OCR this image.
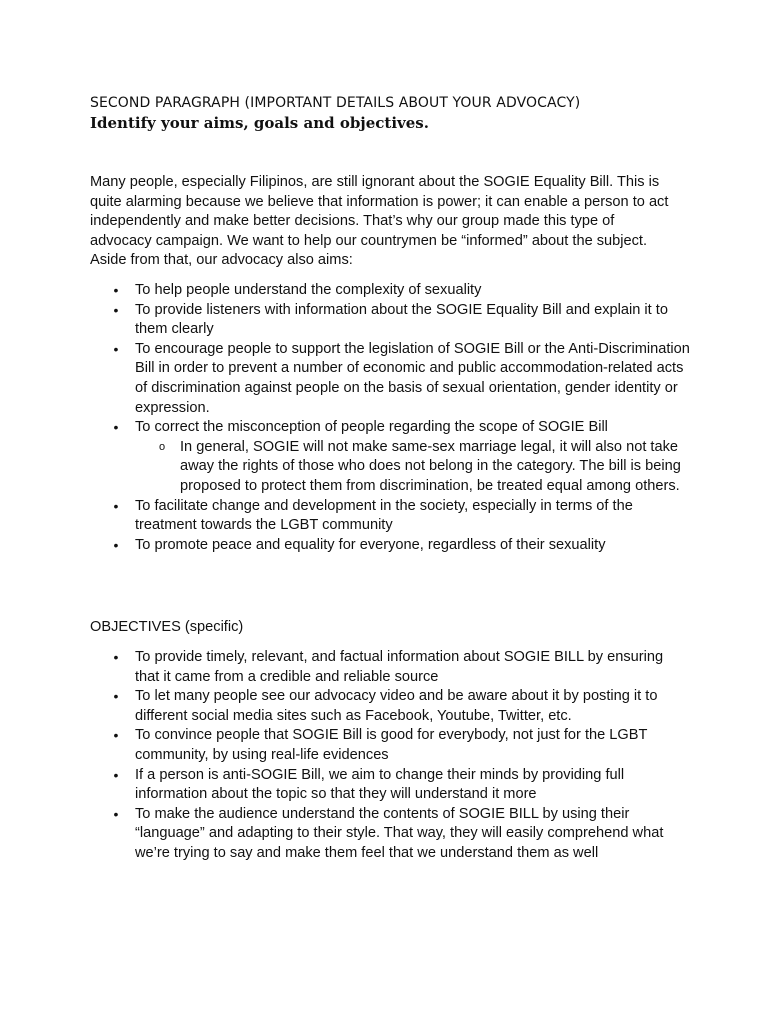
SECOND PARAGRAPH (IMPORTANT DETAILS ABOUT YOUR ADVOCACY)
Identify your aims, goals and objectives.

Many people, especially Filipinos, are still ignorant about the SOGIE Equality Bill. This is quite alarming because we believe that information is power; it can enable a person to act independently and make better decisions. That’s why our group made this type of advocacy campaign. We want to help our countrymen be “informed” about the subject. Aside from that, our advocacy also aims:

• To help people understand the complexity of sexuality
• To provide listeners with information about the SOGIE Equality Bill and explain it to them clearly
• To encourage people to support the legislation of SOGIE Bill or the Anti-Discrimination Bill in order to prevent a number of economic and public accommodation-related acts of discrimination against people on the basis of sexual orientation, gender identity or expression.
• To correct the misconception of people regarding the scope of SOGIE Bill
o In general, SOGIE will not make same-sex marriage legal, it will also not take away the rights of those who does not belong in the category. The bill is being proposed to protect them from discrimination, be treated equal among others.
• To facilitate change and development in the society, especially in terms of the treatment towards the LGBT community
• To promote peace and equality for everyone, regardless of their sexuality
OBJECTIVES (specific)
• To provide timely, relevant, and factual information about SOGIE BILL by ensuring that it came from a credible and reliable source
• To let many people see our advocacy video and be aware about it by posting it to different social media sites such as Facebook, Youtube, Twitter, etc.
• To convince people that SOGIE Bill is good for everybody, not just for the LGBT community, by using real-life evidences
• If a person is anti-SOGIE Bill, we aim to change their minds by providing full information about the topic so that they will understand it more
• To make the audience understand the contents of SOGIE BILL by using their “language” and adapting to their style. That way, they will easily comprehend what we’re trying to say and make them feel that we understand them as well
